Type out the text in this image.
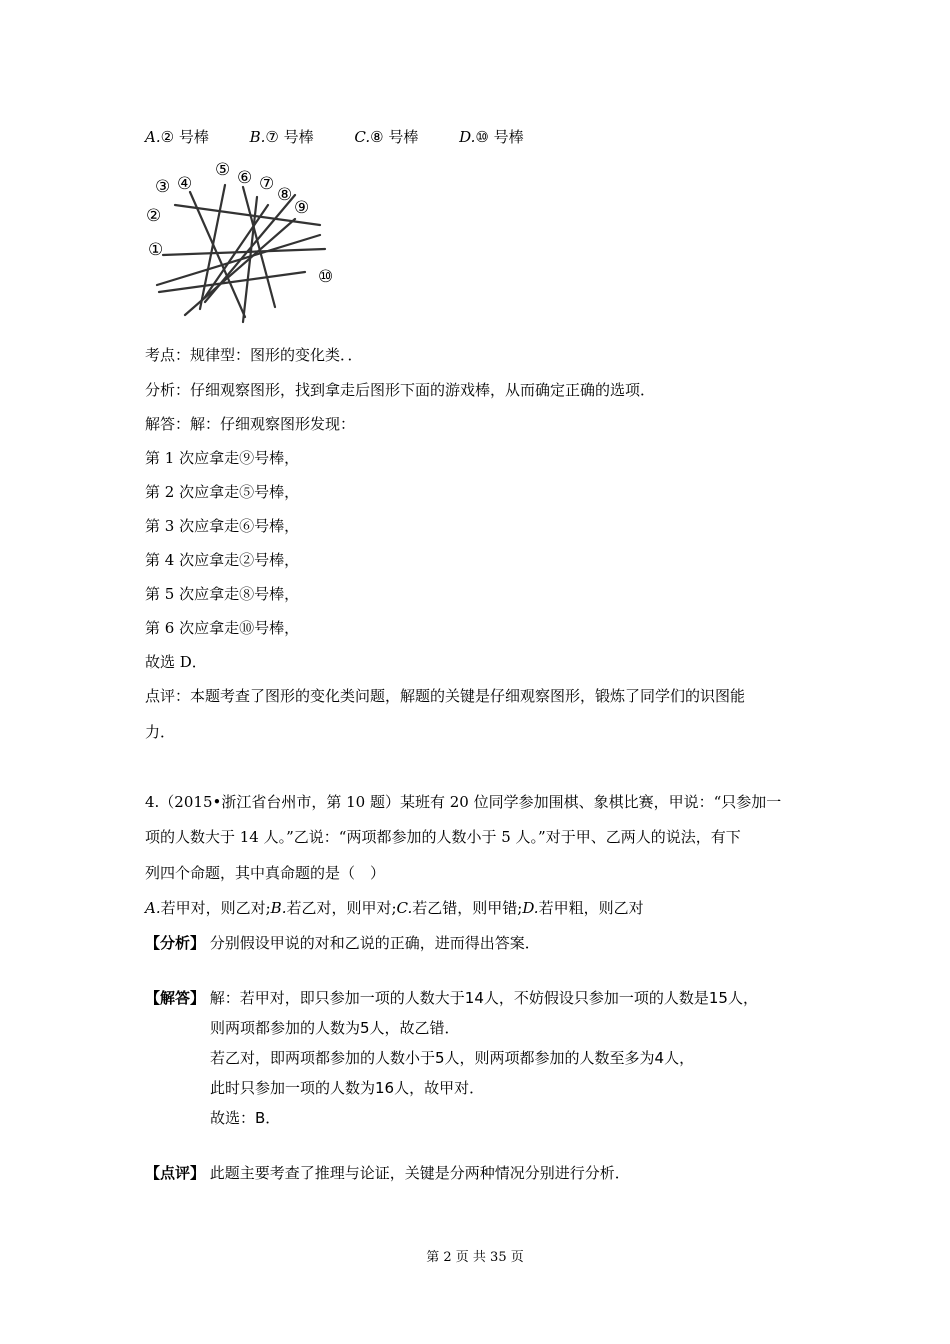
A.② 号棒	B.⑦ 号棒	C.⑧ 号棒	D.⑩ 号棒
①
②
③ ④
⑤ ⑥ ⑦
⑧
⑨
⑩
考点：规律型：图形的变化类．．
分析：仔细观察图形，找到拿走后图形下面的游戏棒，从而确定正确的选项．
解答：解：仔细观察图形发现：
第 1 次应拿走⑨号棒，
第 2 次应拿走⑤号棒，
第 3 次应拿走⑥号棒，
第 4 次应拿走②号棒，
第 5 次应拿走⑧号棒，
第 6 次应拿走⑩号棒，
故选 D．
点评：本题考查了图形的变化类问题，解题的关键是仔细观察图形，锻炼了同学们的识图能
力．
4.（2015•浙江省台州市，第 10 题）某班有 20 位同学参加围棋、象棋比赛，甲说：“只参加一
项的人数大于 14 人。”乙说：“两项都参加的人数小于 5 人。”对于甲、乙两人的说法，有下
列四个命题，其中真命题的是（　）
A.若甲对，则乙对;B.若乙对，则甲对;C.若乙错，则甲错;D.若甲粗，则乙对
【分析】 分别假设甲说的对和乙说的正确，进而得出答案．
【解答】 解：若甲对，即只参加一项的人数大于14人，不妨假设只参加一项的人数是15人，
则两项都参加的人数为5人，故乙错．
若乙对，即两项都参加的人数小于5人，则两项都参加的人数至多为4人，
此时只参加一项的人数为16人，故甲对．
故选：B．
【点评】 此题主要考查了推理与论证，关键是分两种情况分别进行分析．
第 2 页 共 35 页
